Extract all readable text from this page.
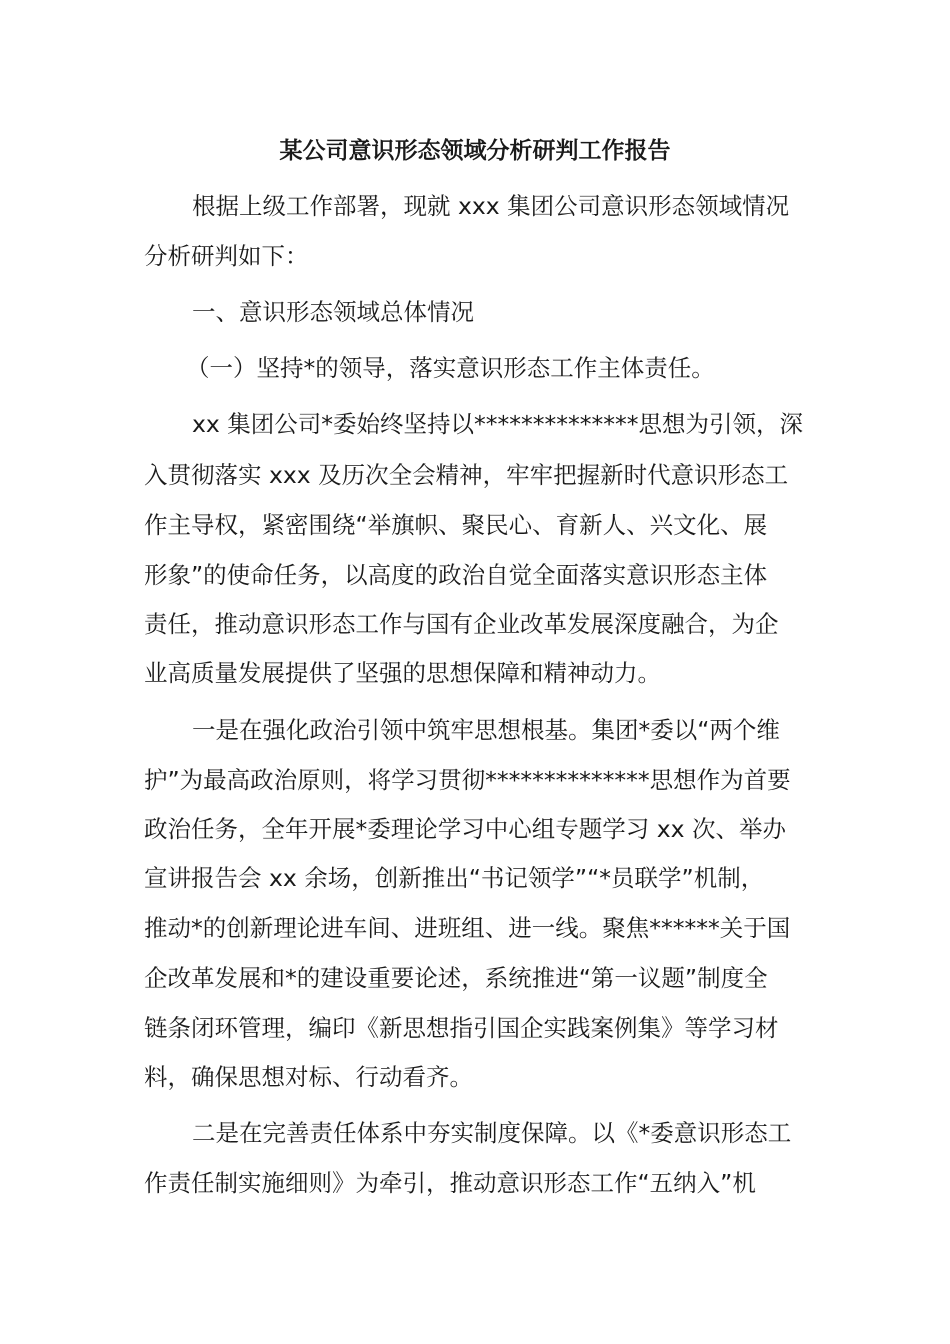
某公司意识形态领域分析研判工作报告
根据上级工作部署，现就 xxx 集团公司意识形态领域情况
分析研判如下：
一、意识形态领域总体情况
（一）坚持*的领导，落实意识形态工作主体责任。
xx 集团公司*委始终坚持以**************思想为引领，深
入贯彻落实 xxx 及历次全会精神，牢牢把握新时代意识形态工
作主导权，紧密围绕“举旗帜、聚民心、育新人、兴文化、展
形象”的使命任务，以高度的政治自觉全面落实意识形态主体
责任，推动意识形态工作与国有企业改革发展深度融合，为企
业高质量发展提供了坚强的思想保障和精神动力。
一是在强化政治引领中筑牢思想根基。集团*委以“两个维
护”为最高政治原则，将学习贯彻**************思想作为首要
政治任务，全年开展*委理论学习中心组专题学习 xx 次、举办
宣讲报告会 xx 余场，创新推出“书记领学”“*员联学”机制，
推动*的创新理论进车间、进班组、进一线。聚焦******关于国
企改革发展和*的建设重要论述，系统推进“第一议题”制度全
链条闭环管理，编印《新思想指引国企实践案例集》等学习材
料，确保思想对标、行动看齐。
二是在完善责任体系中夯实制度保障。以《*委意识形态工
作责任制实施细则》为牵引，推动意识形态工作“五纳入”机
